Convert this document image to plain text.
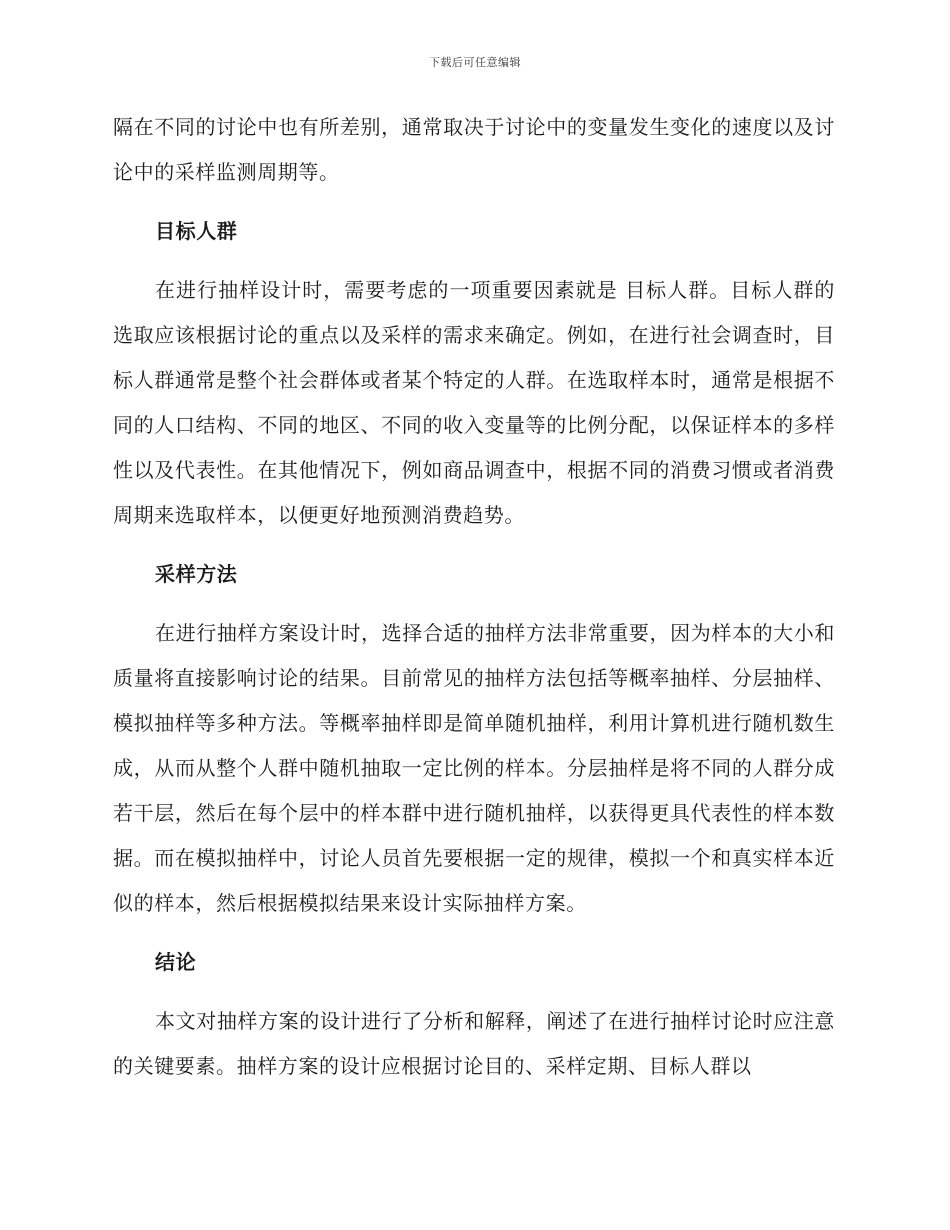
下载后可任意编辑

隔在不同的讨论中也有所差别，通常取决于讨论中的变量发生变化的速度以及讨论中的采样监测周期等。

目标人群

在进行抽样设计时，需要考虑的一项重要因素就是 目标人群。目标人群的选取应该根据讨论的重点以及采样的需求来确定。例如，在进行社会调查时，目标人群通常是整个社会群体或者某个特定的人群。在选取样本时，通常是根据不同的人口结构、不同的地区、不同的收入变量等的比例分配，以保证样本的多样性以及代表性。在其他情况下，例如商品调查中，根据不同的消费习惯或者消费周期来选取样本，以便更好地预测消费趋势。

采样方法

在进行抽样方案设计时，选择合适的抽样方法非常重要，因为样本的大小和质量将直接影响讨论的结果。目前常见的抽样方法包括等概率抽样、分层抽样、模拟抽样等多种方法。等概率抽样即是简单随机抽样，利用计算机进行随机数生成，从而从整个人群中随机抽取一定比例的样本。分层抽样是将不同的人群分成若干层，然后在每个层中的样本群中进行随机抽样，以获得更具代表性的样本数据。而在模拟抽样中，讨论人员首先要根据一定的规律，模拟一个和真实样本近似的样本，然后根据模拟结果来设计实际抽样方案。

结论

本文对抽样方案的设计进行了分析和解释，阐述了在进行抽样讨论时应注意的关键要素。抽样方案的设计应根据讨论目的、采样定期、目标人群以
